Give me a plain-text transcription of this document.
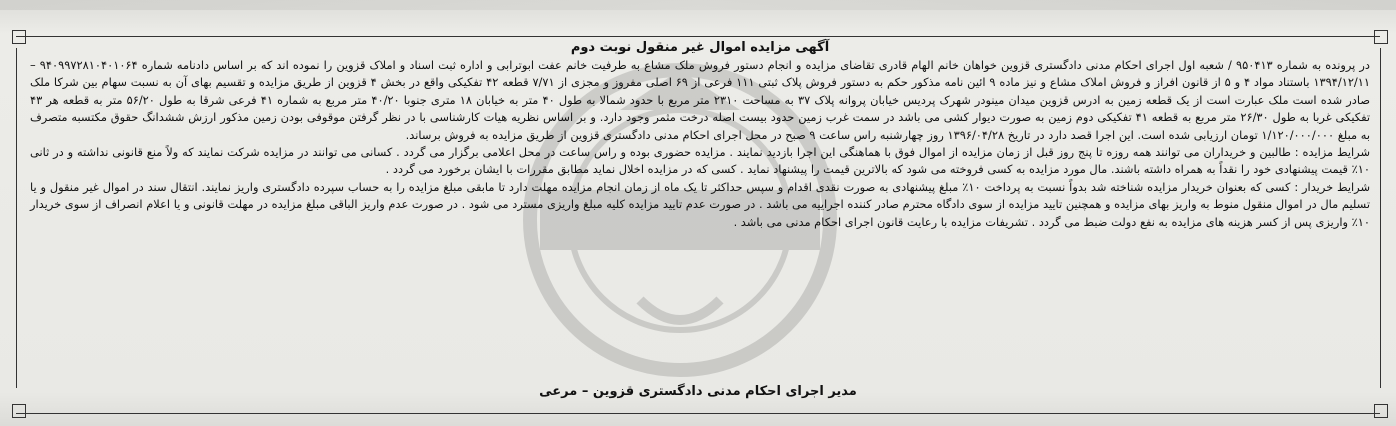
آگهی مزایده اموال غیر منقول نوبت دوم

در پرونده به شماره ۹۵۰۴۱۳ / شعبه اول اجرای احکام مدنی دادگستری قزوین خواهان خانم الهام قادری تقاضای مزایده و انجام دستور فروش ملک مشاع به طرفیت خانم عفت ابوترابی و اداره ثبت اسناد و املاک قزوین را نموده اند که بر اساس دادنامه شماره ۹۴۰۹۹۷۲۸۱۰۴۰۱۰۶۴ – ۱۳۹۴/۱۲/۱۱ باستناد مواد ۴ و ۵ از قانون افراز و فروش املاک مشاع و نیز ماده ۹ ائین نامه مذکور حکم به دستور فروش پلاک ثبتی ۱۱۱ فرعی از ۶۹ اصلی مفروز و مجزی از ۷/۷۱ قطعه ۴۲ تفکیکی واقع در بخش ۴ قزوین از طریق مزایده و تقسیم بهای آن به نسبت سهام بین شرکا ملک صادر شده است ملک عبارت است از یک قطعه زمین به ادرس قزوین میدان مینودر شهرک پردیس خیابان پروانه پلاک ۳۷ به مساحت ۲۳۱۰ متر مربع با حدود شمالا به طول ۴۰ متر به خیابان ۱۸ متری جنوبا ۴۰/۲۰ متر مربع به شماره ۴۱ فرعی شرقا به طول ۵۶/۲۰ متر به قطعه هر ۴۳ تفکیکی غربا به طول ۲۶/۳۰ متر مربع به قطعه ۴۱ تفکیکی دوم زمین به صورت دیوار کشی می باشد در سمت غرب زمین حدود بیست اصله درخت مثمر وجود دارد. و بر اساس نظریه هیات کارشناسی با در نظر گرفتن موقوفی بودن زمین مذکور ارزش ششدانگ حقوق مکتسبه متصرف به مبلغ ۱/۱۲۰/۰۰۰/۰۰۰ تومان ارزیابی شده است. این اجرا قصد دارد در تاریخ ۱۳۹۶/۰۴/۲۸ روز چهارشنبه راس ساعت ۹ صبح در محل اجرای احکام مدنی دادگستری قزوین از طریق مزایده به فروش برساند.

شرایط مزایده : طالبین و خریداران می توانند همه روزه تا پنج روز قبل از زمان مزایده از اموال فوق با هماهنگی این اجرا بازدید نمایند . مزایده حضوری بوده و راس ساعت در محل اعلامی برگزار می گردد . کسانی می توانند در مزایده شرکت نمایند که ولاً منع قانونی نداشته و در ثانی ۱۰٪ قیمت پیشنهادی خود را نقداً به همراه داشته باشند. مال مورد مزایده به کسی فروخته می شود که بالاترین قیمت را پیشنهاد نماید . کسی که در مزایده اخلال نماید مطابق مقررات با ایشان برخورد می گردد .

شرایط خریدار : کسی که بعنوان خریدار مزایده شناخته شد بدواً نسبت به پرداخت ۱۰٪ مبلغ پیشنهادی به صورت نقدی اقدام و سپس حداکثر تا یک ماه از زمان انجام مزایده مهلت دارد تا مابقی مبلغ مزایده را به حساب سپرده دادگستری واریز نمایند. انتقال سند در اموال غیر منقول و یا تسلیم مال در اموال منقول منوط به واریز بهای مزایده و همچنین تایید مزایده از سوی دادگاه محترم صادر کننده اجراییه می باشد . در صورت عدم تایید مزایده کلیه مبلغ واریزی مسترد می شود . در صورت عدم واریز الباقی مبلغ مزایده در مهلت قانونی و یا اعلام انصراف از سوی خریدار ۱۰٪ واریزی پس از کسر هزینه های مزایده به نفع دولت ضبط می گردد . تشریفات مزایده با رعایت قانون اجرای احکام مدنی می باشد .

مدیر اجرای احکام مدنی دادگستری قزوین – مرعی
